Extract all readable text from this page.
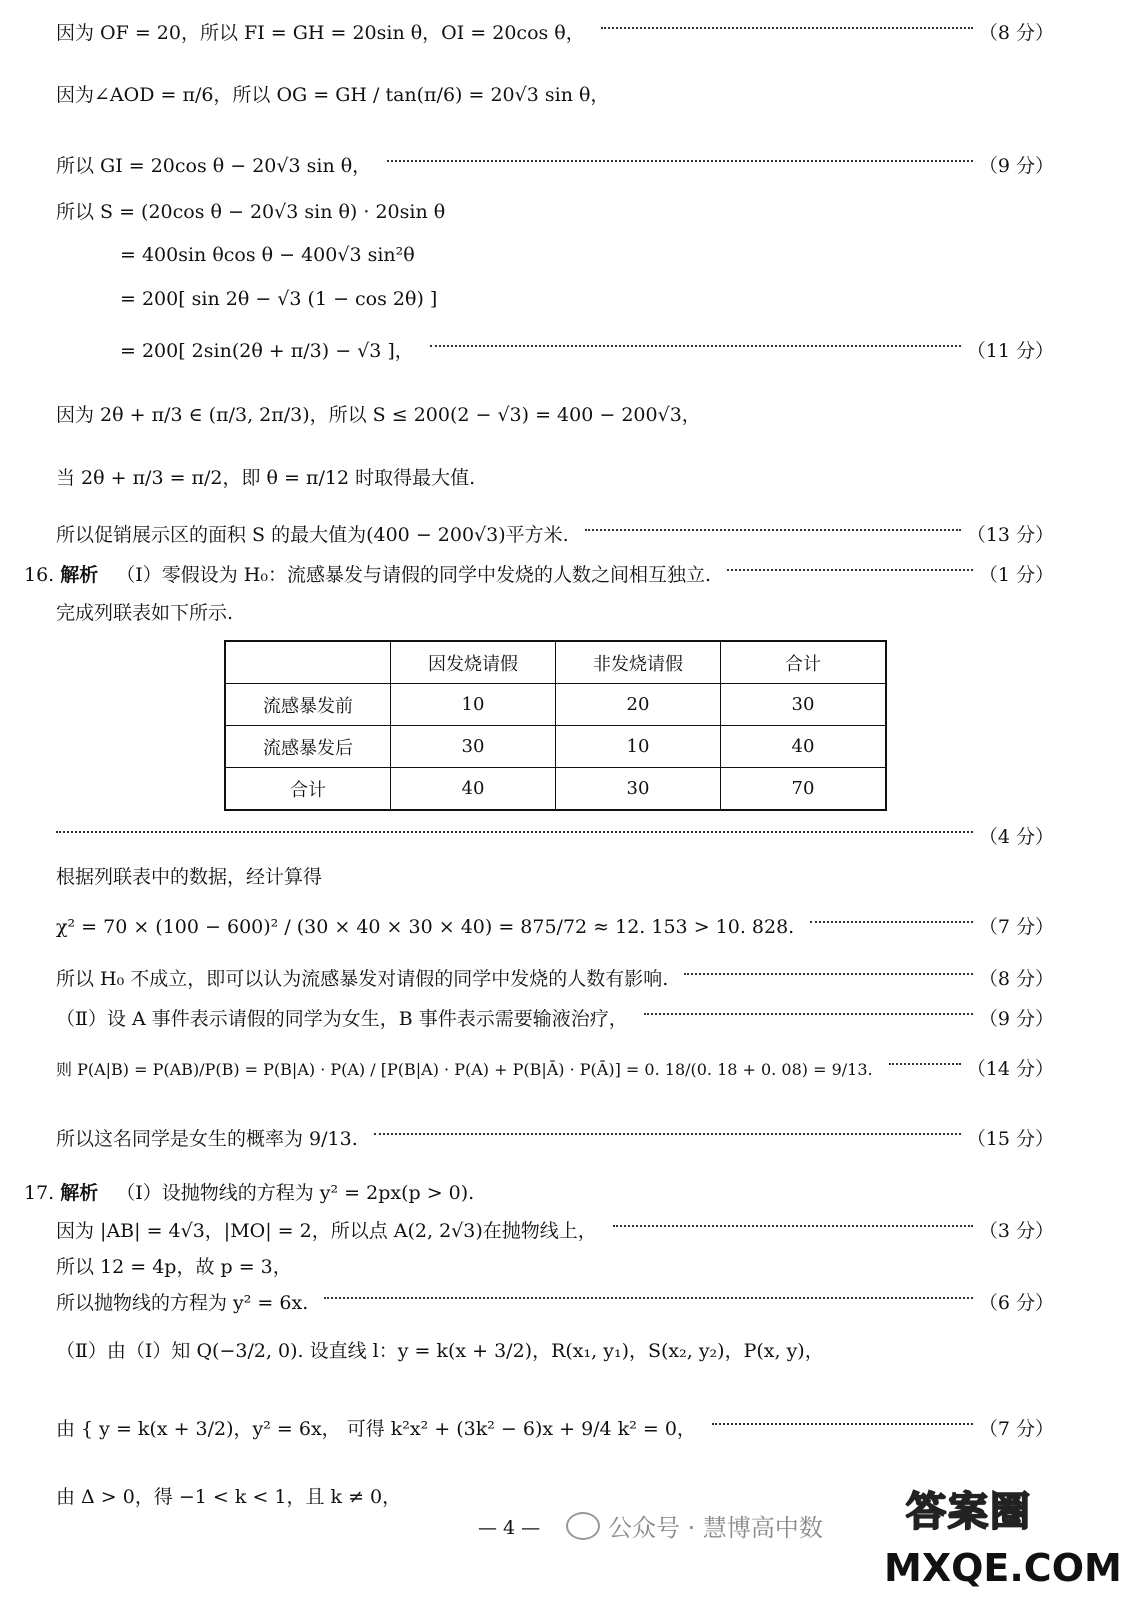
因为 OF = 20，所以 FI = GH = 20sin θ，OI = 20cos θ，	（8 分）
因为∠AOD = π/6，所以 OG = GH / tan(π/6) = 20√3 sin θ，
所以 GI = 20cos θ − 20√3 sin θ，	（9 分）
所以 S = (20cos θ − 20√3 sin θ) · 20sin θ
= 400sin θcos θ − 400√3 sin²θ
= 200[ sin 2θ − √3 (1 − cos 2θ) ]
= 200[ 2sin(2θ + π/3) − √3 ]，	（11 分）
因为 2θ + π/3 ∈ (π/3, 2π/3)，所以 S ≤ 200(2 − √3) = 400 − 200√3，
当 2θ + π/3 = π/2，即 θ = π/12 时取得最大值.
所以促销展示区的面积 S 的最大值为(400 − 200√3)平方米.	（13 分）
16. 解析 （Ⅰ）零假设为 H₀：流感暴发与请假的同学中发烧的人数之间相互独立.	（1 分）
完成列联表如下所示.
	因发烧请假	非发烧请假	合计
流感暴发前	10	20	30
流感暴发后	30	10	40
合计	40	30	70
（4 分）
根据列联表中的数据，经计算得
χ² = 70 × (100 − 600)² / (30 × 40 × 30 × 40) = 875/72 ≈ 12. 153 > 10. 828.	（7 分）
所以 H₀ 不成立，即可以认为流感暴发对请假的同学中发烧的人数有影响.	（8 分）
（Ⅱ）设 A 事件表示请假的同学为女生，B 事件表示需要输液治疗，	（9 分）
则 P(A|B) = P(AB)/P(B) = P(B|A) · P(A) / [P(B|A) · P(A) + P(B|Ā) · P(Ā)] = 0. 18/(0. 18 + 0. 08) = 9/13.	（14 分）
所以这名同学是女生的概率为 9/13.	（15 分）
17. 解析 （Ⅰ）设抛物线的方程为 y² = 2px(p > 0).
因为 |AB| = 4√3，|MO| = 2，所以点 A(2, 2√3)在抛物线上，	（3 分）
所以 12 = 4p，故 p = 3，
所以抛物线的方程为 y² = 6x.	（6 分）
（Ⅱ）由（Ⅰ）知 Q(−3/2, 0). 设直线 l：y = k(x + 3/2)，R(x₁, y₁)，S(x₂, y₂)，P(x, y)，
由 { y = k(x + 3/2)，y² = 6x， 可得 k²x² + (3k² − 6)x + 9/4 k² = 0，	（7 分）
由 Δ > 0，得 −1 < k < 1，且 k ≠ 0，
— 4 —	公众号 · 慧博高中数	答案圈
MXQE.COM
